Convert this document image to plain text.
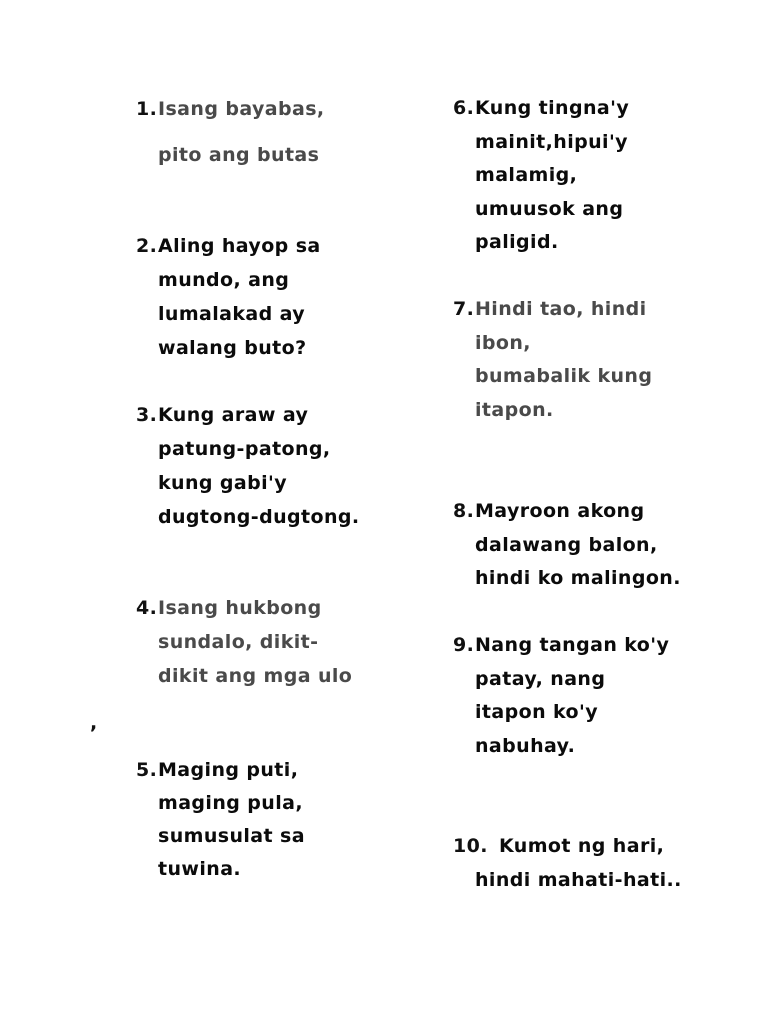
1. Isang bayabas,
pito ang butas
2. Aling hayop sa
mundo, ang
lumalakad ay
walang buto?
3. Kung araw ay
patung-patong,
kung gabi'y
dugtong-dugtong.
4. Isang hukbong
sundalo, dikit-
dikit ang mga ulo
5. Maging puti,
maging pula,
sumusulat sa
tuwina.
6. Kung tingna'y
mainit,hipui'y
malamig,
umuusok ang
paligid.
7. Hindi tao, hindi
ibon,
bumabalik kung
itapon.
8. Mayroon akong
dalawang balon,
hindi ko malingon.
9. Nang tangan ko'y
patay, nang
itapon ko'y
nabuhay.
10. Kumot ng hari,
hindi mahati-hati..
,
